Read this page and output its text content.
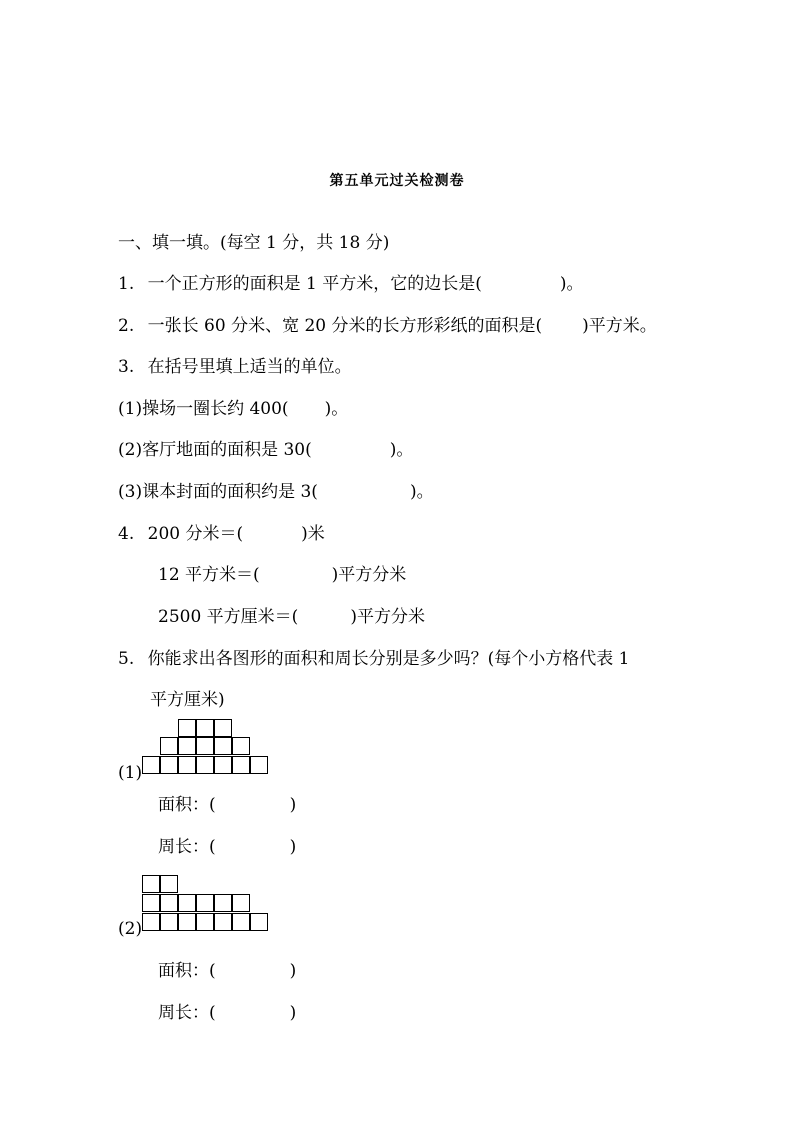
第五单元过关检测卷
一、填一填。(每空 1 分，共 18 分)
1. 一个正方形的面积是 1 平方米，它的边长是(	)。
2. 一张长 60 分米、宽 20 分米的长方形彩纸的面积是( )平方米。
3. 在括号里填上适当的单位。
(1)操场一圈长约 400( )。
(2)客厅地面的面积是 30(	)。
(3)课本封面的面积约是 3(	)。
4. 200 分米＝(	)米
12 平方米＝(	)平方分米
2500 平方厘米＝(	)平方分米
5. 你能求出各图形的面积和周长分别是多少吗？(每个小方格代表 1
平方厘米)
(1)
面积：(	)
周长：(	)
(2)
面积：(	)
周长：(	)
